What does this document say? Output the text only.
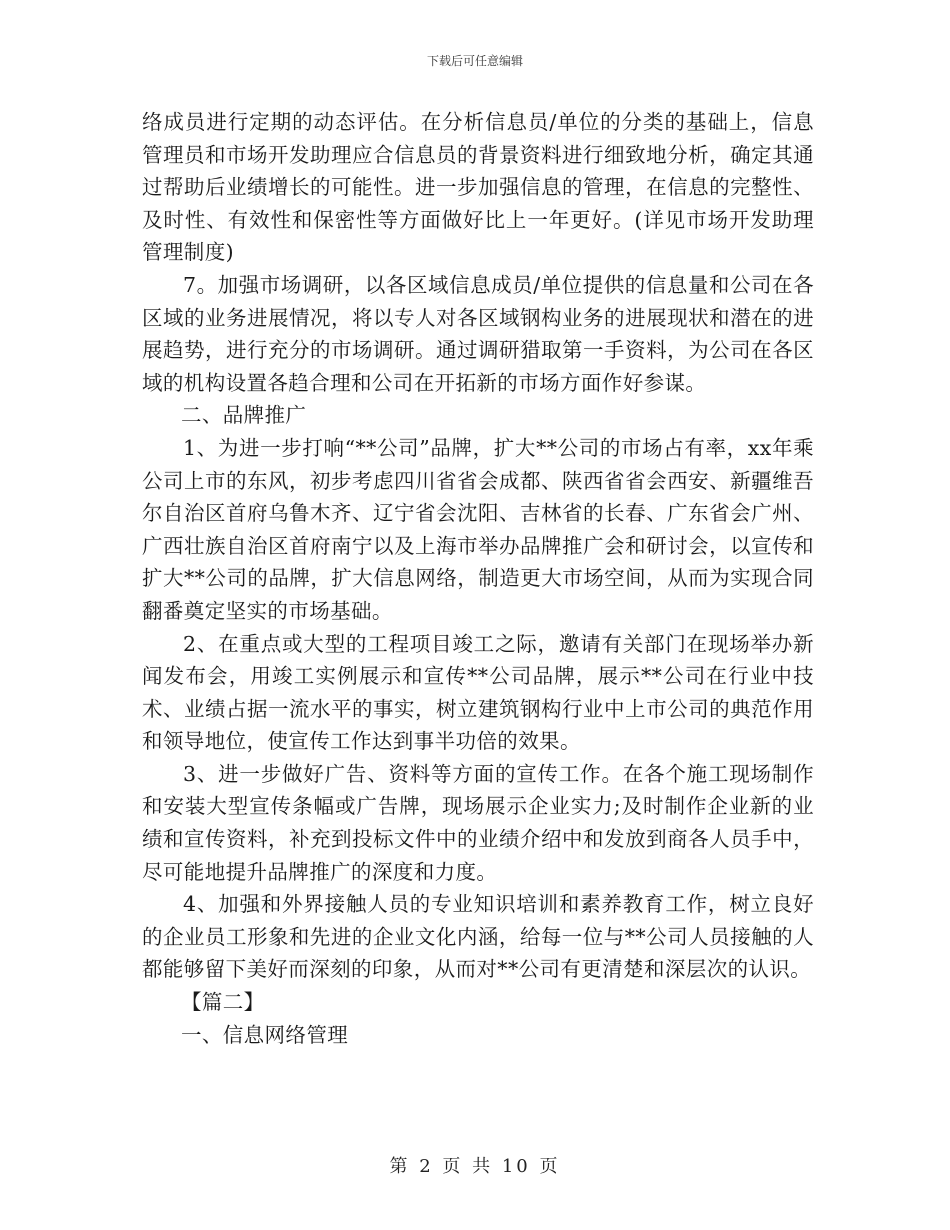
下载后可任意编辑

络成员进行定期的动态评估。在分析信息员/单位的分类的基础上，信息管理员和市场开发助理应合信息员的背景资料进行细致地分析，确定其通过帮助后业绩增长的可能性。进一步加强信息的管理，在信息的完整性、及时性、有效性和保密性等方面做好比上一年更好。(详见市场开发助理管理制度)

7。加强市场调研，以各区域信息成员/单位提供的信息量和公司在各区域的业务进展情况，将以专人对各区域钢构业务的进展现状和潜在的进展趋势，进行充分的市场调研。通过调研猎取第一手资料，为公司在各区域的机构设置各趋合理和公司在开拓新的市场方面作好参谋。

二、品牌推广

1、为进一步打响“**公司”品牌，扩大**公司的市场占有率，xx年乘公司上市的东风，初步考虑四川省省会成都、陕西省省会西安、新疆维吾尔自治区首府乌鲁木齐、辽宁省会沈阳、吉林省的长春、广东省会广州、广西壮族自治区首府南宁以及上海市举办品牌推广会和研讨会，以宣传和扩大**公司的品牌，扩大信息网络，制造更大市场空间，从而为实现合同翻番奠定坚实的市场基础。

2、在重点或大型的工程项目竣工之际，邀请有关部门在现场举办新闻发布会，用竣工实例展示和宣传**公司品牌，展示**公司在行业中技术、业绩占据一流水平的事实，树立建筑钢构行业中上市公司的典范作用和领导地位，使宣传工作达到事半功倍的效果。

3、进一步做好广告、资料等方面的宣传工作。在各个施工现场制作和安装大型宣传条幅或广告牌，现场展示企业实力;及时制作企业新的业绩和宣传资料，补充到投标文件中的业绩介绍中和发放到商各人员手中，尽可能地提升品牌推广的深度和力度。

4、加强和外界接触人员的专业知识培训和素养教育工作，树立良好的企业员工形象和先进的企业文化内涵，给每一位与**公司人员接触的人都能够留下美好而深刻的印象，从而对**公司有更清楚和深层次的认识。

【篇二】

一、信息网络管理

第 2 页 共 10 页
